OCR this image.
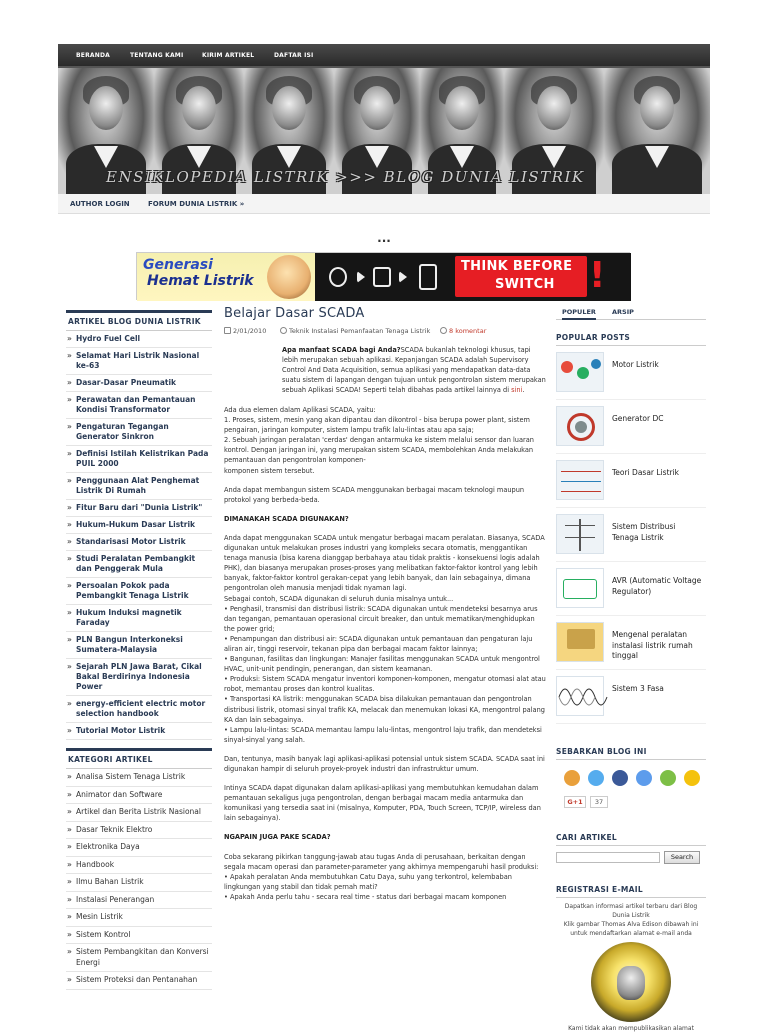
BERANDA	TENTANG KAMI	KIRIM ARTIKEL	DAFTAR ISI
ENSIKLOPEDIA LISTRIK >>> BLOG DUNIA LISTRIK
AUTHOR LOGIN	FORUM DUNIA LISTRIK »
...
Generasi
Hemat Listrik
THINK BEFORE
SWITCH !
ARTIKEL BLOG DUNIA LISTRIK
» Hydro Fuel Cell
» Selamat Hari Listrik Nasional ke-63
» Dasar-Dasar Pneumatik
» Perawatan dan Pemantauan Kondisi Transformator
» Pengaturan Tegangan Generator Sinkron
» Definisi Istilah Kelistrikan Pada PUIL 2000
» Penggunaan Alat Penghemat Listrik Di Rumah
» Fitur Baru dari "Dunia Listrik"
» Hukum-Hukum Dasar Listrik
» Standarisasi Motor Listrik
» Studi Peralatan Pembangkit dan Penggerak Mula
» Persoalan Pokok pada Pembangkit Tenaga Listrik
» Hukum Induksi magnetik Faraday
» PLN Bangun Interkoneksi Sumatera-Malaysia
» Sejarah PLN Jawa Barat, Cikal Bakal Berdirinya Indonesia Power
» energy-efficient electric motor selection handbook
» Tutorial Motor Listrik
KATEGORI ARTIKEL
» Analisa Sistem Tenaga Listrik
» Animator dan Software
» Artikel dan Berita Listrik Nasional
» Dasar Teknik Elektro
» Elektronika Daya
» Handbook
» Ilmu Bahan Listrik
» Instalasi Penerangan
» Mesin Listrik
» Sistem Kontrol
» Sistem Pembangkitan dan Konversi Energi
» Sistem Proteksi dan Pentanahan
Belajar Dasar SCADA
2/01/2010	Teknik Instalasi Pemanfaatan Tenaga Listrik	8 komentar
Apa manfaat SCADA bagi Anda?SCADA bukanlah teknologi khusus, tapi lebih merupakan sebuah aplikasi. Kepanjangan SCADA adalah Supervisory Control And Data Acquisition, semua aplikasi yang mendapatkan data-data suatu sistem di lapangan dengan tujuan untuk pengontrolan sistem merupakan sebuah Aplikasi SCADA! Seperti telah dibahas pada artikel lainnya di sini.

Ada dua elemen dalam Aplikasi SCADA, yaitu:
1. Proses, sistem, mesin yang akan dipantau dan dikontrol - bisa berupa power plant, sistem pengairan, jaringan komputer, sistem lampu trafik lalu-lintas atau apa saja;
2. Sebuah jaringan peralatan 'cerdas' dengan antarmuka ke sistem melalui sensor dan luaran kontrol. Dengan jaringan ini, yang merupakan sistem SCADA, membolehkan Anda melakukan pemantauan dan pengontrolan komponen-
komponen sistem tersebut.

Anda dapat membangun sistem SCADA menggunakan berbagai macam teknologi maupun protokol yang berbeda-beda.

DIMANAKAH SCADA DIGUNAKAN?

Anda dapat menggunakan SCADA untuk mengatur berbagai macam peralatan. Biasanya, SCADA digunakan untuk melakukan proses industri yang kompleks secara otomatis, menggantikan tenaga manusia (bisa karena dianggap berbahaya atau tidak praktis - konsekuensi logis adalah PHK), dan biasanya merupakan proses-proses yang melibatkan faktor-faktor kontrol yang lebih banyak, faktor-faktor kontrol gerakan-cepat yang lebih banyak, dan lain sebagainya, dimana pengontrolan oleh manusia menjadi tidak nyaman lagi.
Sebagai contoh, SCADA digunakan di seluruh dunia misalnya untuk...
• Penghasil, transmisi dan distribusi listrik: SCADA digunakan untuk mendeteksi besarnya arus dan tegangan, pemantauan operasional circuit breaker, dan untuk mematikan/menghidupkan the power grid;
• Penampungan dan distribusi air: SCADA digunakan untuk pemantauan dan pengaturan laju aliran air, tinggi reservoir, tekanan pipa dan berbagai macam faktor lainnya;
• Bangunan, fasilitas dan lingkungan: Manajer fasilitas menggunakan SCADA untuk mengontrol HVAC, unit-unit pendingin, penerangan, dan sistem keamanan.
• Produksi: Sistem SCADA mengatur inventori komponen-komponen, mengatur otomasi alat atau robot, memantau proses dan kontrol kualitas.
• Transportasi KA listrik: menggunakan SCADA bisa dilakukan pemantauan dan pengontrolan distribusi listrik, otomasi sinyal trafik KA, melacak dan menemukan lokasi KA, mengontrol palang KA dan lain sebagainya.
• Lampu lalu-lintas: SCADA memantau lampu lalu-lintas, mengontrol laju trafik, dan mendeteksi sinyal-sinyal yang salah.

Dan, tentunya, masih banyak lagi aplikasi-aplikasi potensial untuk sistem SCADA. SCADA saat ini digunakan hampir di seluruh proyek-proyek industri dan infrastruktur umum.

Intinya SCADA dapat digunakan dalam aplikasi-aplikasi yang membutuhkan kemudahan dalam pemantauan sekaligus juga pengontrolan, dengan berbagai macam media antarmuka dan komunikasi yang tersedia saat ini (misalnya, Komputer, PDA, Touch Screen, TCP/IP, wireless dan lain sebagainya).

NGAPAIN JUGA PAKE SCADA?

Coba sekarang pikirkan tanggung-jawab atau tugas Anda di perusahaan, berkaitan dengan segala macam operasi dan parameter-parameter yang akhirnya mempengaruhi hasil produksi:
• Apakah peralatan Anda membutuhkan Catu Daya, suhu yang terkontrol, kelembaban lingkungan yang stabil dan tidak pernah mati?
• Apakah Anda perlu tahu - secara real time - status dari berbagai macam komponen

POPULER ARSIP
POPULAR POSTS
Motor Listrik
Generator DC
Teori Dasar Listrik
Sistem Distribusi Tenaga Listrik
AVR (Automatic Voltage Regulator)
Mengenal peralatan instalasi listrik rumah tinggal
Sistem 3 Fasa
SEBARKAN BLOG INI
G+1	37
CARI ARTIKEL
Search
REGISTRASI E-MAIL
Dapatkan informasi artikel terbaru dari Blog Dunia Listrik
Klik gambar Thomas Alva Edison dibawah ini untuk mendaftarkan alamat e-mail anda
Kami tidak akan mempublikasikan alamat
